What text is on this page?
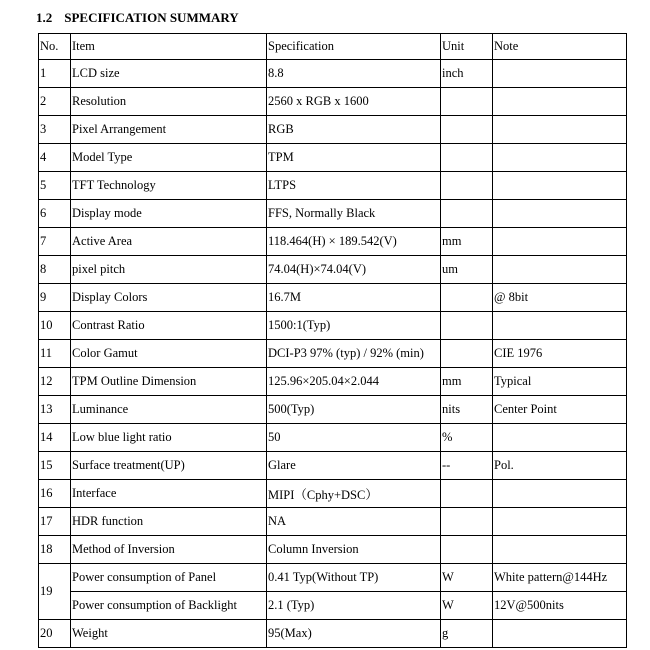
1.2 SPECIFICATION SUMMARY
No.	Item	Specification	Unit	Note
1	LCD size	8.8	inch	
2	Resolution	2560 x RGB x 1600		
3	Pixel Arrangement	RGB		
4	Model Type	TPM		
5	TFT Technology	LTPS		
6	Display mode	FFS, Normally Black		
7	Active Area	118.464(H) × 189.542(V)	mm	
8	pixel pitch	74.04(H)×74.04(V)	um	
9	Display Colors	16.7M		@ 8bit
10	Contrast Ratio	1500:1(Typ)		
11	Color Gamut	DCI-P3 97% (typ) / 92% (min)		CIE 1976
12	TPM Outline Dimension	125.96×205.04×2.044	mm	Typical
13	Luminance	500(Typ)	nits	Center Point
14	Low blue light ratio	50	%	
15	Surface treatment(UP)	Glare	--	Pol.
16	Interface	MIPI（Cphy+DSC）		
17	HDR function	NA		
18	Method of Inversion	Column Inversion		
19	Power consumption of Panel	0.41 Typ(Without TP)	W	White pattern@144Hz
	Power consumption of Backlight	2.1 (Typ)	W	12V@500nits
20	Weight	95(Max)	g	
